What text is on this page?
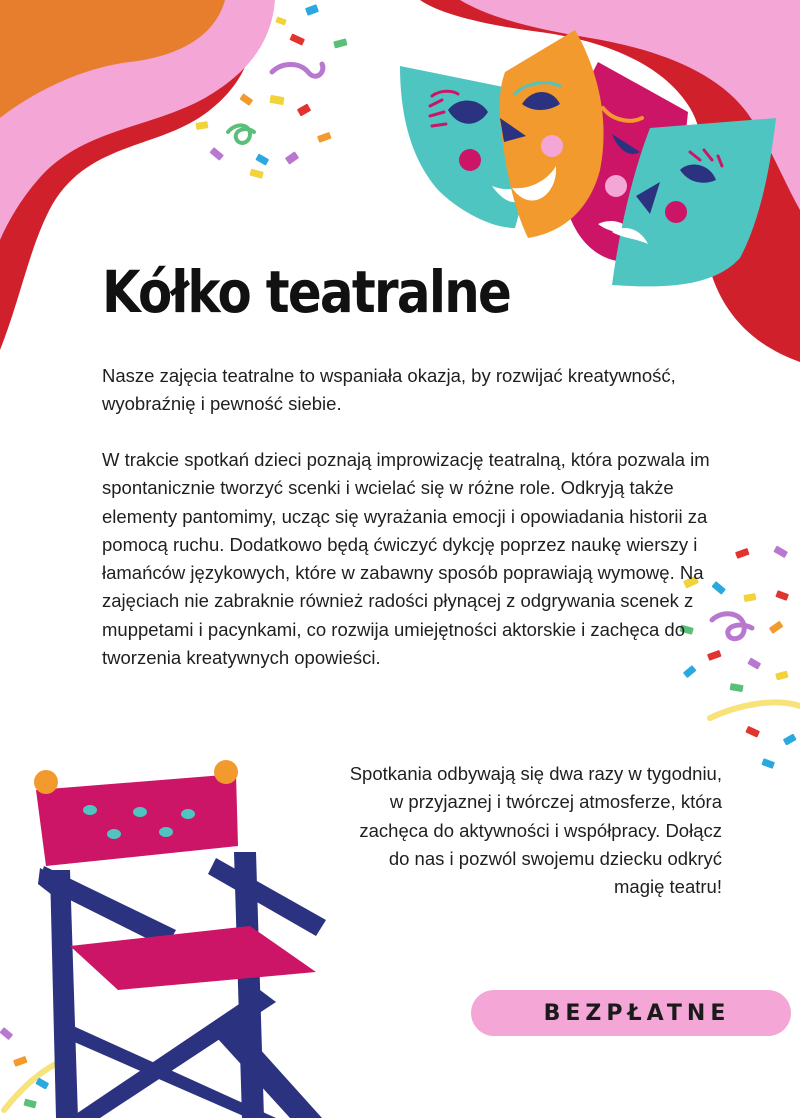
Kółko teatralne

Nasze zajęcia teatralne to wspaniała okazja, by rozwijać kreatywność, wyobraźnię i pewność siebie.

W trakcie spotkań dzieci poznają improwizację teatralną, która pozwala im spontanicznie tworzyć scenki i wcielać się w różne role. Odkryją także elementy pantomimy, ucząc się wyrażania emocji i opowiadania historii za pomocą ruchu. Dodatkowo będą ćwiczyć dykcję poprzez naukę wierszy i łamańców językowych, które w zabawny sposób poprawiają wymowę. Na zajęciach nie zabraknie również radości płynącej z odgrywania scenek z muppetami i pacynkami, co rozwija umiejętności aktorskie i zachęca do tworzenia kreatywnych opowieści.

Spotkania odbywają się dwa razy w tygodniu, w przyjaznej i twórczej atmosferze, która zachęca do aktywności i współpracy. Dołącz do nas i pozwól swojemu dziecku odkryć magię teatru!

BEZPŁATNE
